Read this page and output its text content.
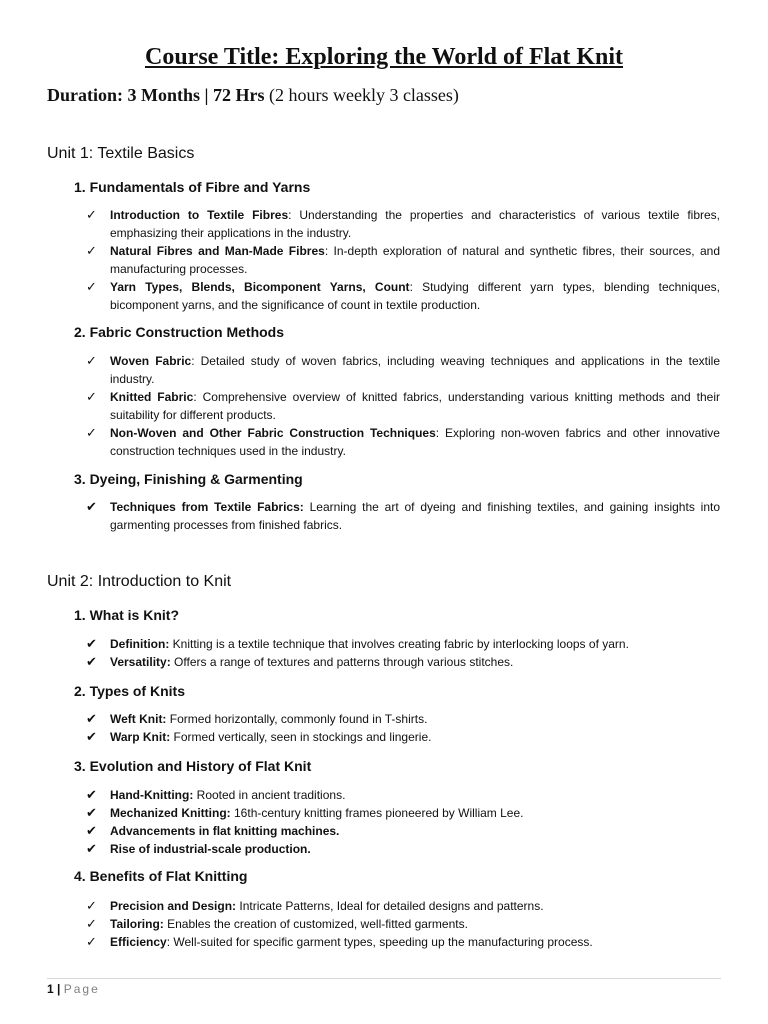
Course Title: Exploring the World of Flat Knit

Duration: 3 Months | 72 Hrs (2 hours weekly 3 classes)

Unit 1: Textile Basics
1. Fundamentals of Fibre and Yarns
✓ Introduction to Textile Fibres: Understanding the properties and characteristics of various textile fibres, emphasizing their applications in the industry.
✓ Natural Fibres and Man-Made Fibres: In-depth exploration of natural and synthetic fibres, their sources, and manufacturing processes.
✓ Yarn Types, Blends, Bicomponent Yarns, Count: Studying different yarn types, blending techniques, bicomponent yarns, and the significance of count in textile production.
2. Fabric Construction Methods
✓ Woven Fabric: Detailed study of woven fabrics, including weaving techniques and applications in the textile industry.
✓ Knitted Fabric: Comprehensive overview of knitted fabrics, understanding various knitting methods and their suitability for different products.
✓ Non-Woven and Other Fabric Construction Techniques: Exploring non-woven fabrics and other innovative construction techniques used in the industry.
3. Dyeing, Finishing & Garmenting
✔ Techniques from Textile Fabrics: Learning the art of dyeing and finishing textiles, and gaining insights into garmenting processes from finished fabrics.
Unit 2: Introduction to Knit
1. What is Knit?
✔ Definition: Knitting is a textile technique that involves creating fabric by interlocking loops of yarn.
✔ Versatility: Offers a range of textures and patterns through various stitches.
2. Types of Knits
✔ Weft Knit: Formed horizontally, commonly found in T-shirts.
✔ Warp Knit: Formed vertically, seen in stockings and lingerie.
3. Evolution and History of Flat Knit
✔ Hand-Knitting: Rooted in ancient traditions.
✔ Mechanized Knitting: 16th-century knitting frames pioneered by William Lee.
✔ Advancements in flat knitting machines.
✔ Rise of industrial-scale production.
4. Benefits of Flat Knitting
✓ Precision and Design: Intricate Patterns, Ideal for detailed designs and patterns.
✓ Tailoring: Enables the creation of customized, well-fitted garments.
✓ Efficiency: Well-suited for specific garment types, speeding up the manufacturing process.
1 | Page
